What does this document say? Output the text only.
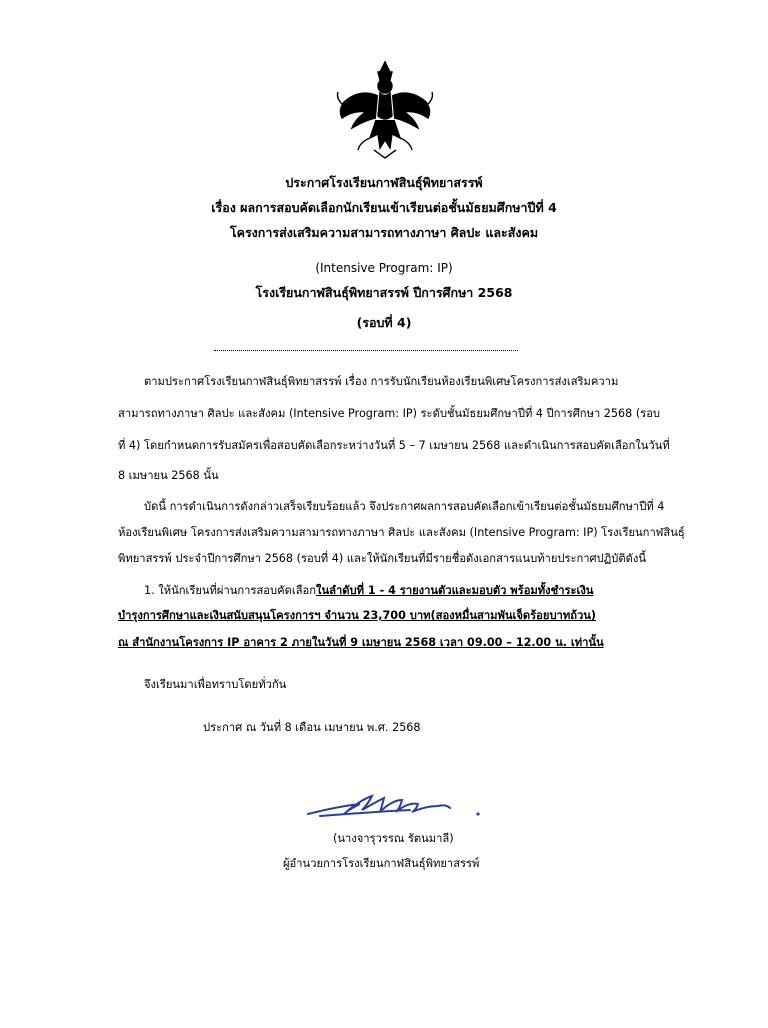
ประกาศโรงเรียนกาฬสินธุ์พิทยาสรรพ์
เรื่อง ผลการสอบคัดเลือกนักเรียนเข้าเรียนต่อชั้นมัธยมศึกษาปีที่ 4
โครงการส่งเสริมความสามารถทางภาษา ศิลปะ และสังคม
(Intensive Program: IP)
โรงเรียนกาฬสินธุ์พิทยาสรรพ์ ปีการศึกษา 2568
(รอบที่ 4)
ตามประกาศโรงเรียนกาฬสินธุ์พิทยาสรรพ์ เรื่อง การรับนักเรียนห้องเรียนพิเศษโครงการส่งเสริมความ
สามารถทางภาษา ศิลปะ และสังคม (Intensive Program: IP) ระดับชั้นมัธยมศึกษาปีที่ 4 ปีการศึกษา 2568 (รอบ
ที่ 4) โดยกำหนดการรับสมัครเพื่อสอบคัดเลือกระหว่างวันที่ 5 – 7 เมษายน 2568 และดำเนินการสอบคัดเลือกในวันที่
8 เมษายน 2568 นั้น
บัดนี้ การดำเนินการดังกล่าวเสร็จเรียบร้อยแล้ว จึงประกาศผลการสอบคัดเลือกเข้าเรียนต่อชั้นมัธยมศึกษาปีที่ 4
ห้องเรียนพิเศษ โครงการส่งเสริมความสามารถทางภาษา ศิลปะ และสังคม (Intensive Program: IP) โรงเรียนกาฬสินธุ์
พิทยาสรรพ์ ประจำปีการศึกษา 2568 (รอบที่ 4) และให้นักเรียนที่มีรายชื่อดังเอกสารแนบท้ายประกาศปฏิบัติดังนี้
1. ให้นักเรียนที่ผ่านการสอบคัดเลือกในลำดับที่ 1 - 4 รายงานตัวและมอบตัว พร้อมทั้งชำระเงิน
บำรุงการศึกษาและเงินสนับสนุนโครงการฯ จำนวน 23,700 บาท(สองหมื่นสามพันเจ็ดร้อยบาทถ้วน)
ณ สำนักงานโครงการ IP อาคาร 2 ภายในวันที่ 9 เมษายน 2568 เวลา 09.00 – 12.00 น. เท่านั้น
จึงเรียนมาเพื่อทราบโดยทั่วกัน
ประกาศ ณ วันที่ 8 เดือน เมษายน พ.ศ. 2568
(นางจารุวรรณ รัตนมาลี)
ผู้อำนวยการโรงเรียนกาฬสินธุ์พิทยาสรรพ์
